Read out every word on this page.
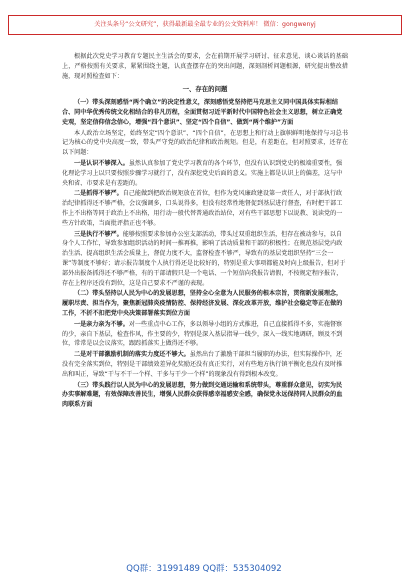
关注头条号“公文研究”，获得最新最全最专业的公文资料库！ 微信：gongwenyj

根据此次党史学习教育专题民主生活会的要求，会在前期开展学习研讨、征求意见、谈心谈话的基础上，严格按照有关要求，紧紧围绕主题，认真查摆存在的突出问题，深刻剖析问题根源，研究提出整改措施，现对照检查如下：

一、存在的问题

（一）带头深刻感悟“两个确立”的决定性意义，深刻感悟党坚持把马克思主义同中国具体实际相结合、同中华优秀传统文化相结合的非凡历程，全面贯彻习近平新时代中国特色社会主义思想，树立正确党史观，坚定信仰信念信心，增强“四个意识”、坚定“四个自信”、做到“两个维护”方面

本人政治立场坚定，始终坚定“四个意识”、“四个自信”，在思想上和行动上旗帜鲜明地保持与习总书记为核心的党中央高度一致，带头严守党的政治纪律和政治规矩。但是，有差距在，但对照要求，还存在以下问题：

一是认识不够深入。虽然认真参加了党史学习教育的各个环节，但没有认识到党史的极端重要性，强化理论学习上以只要按照步骤学习就行了，没有深挖党史后面的意义。实施上都是认识上的偏差，这与中央和省、市要求是有差距的。

二是抓得不够严。自己能做到把政治规矩放在首位，但作为党风廉政建设第一责任人，对于部执行政治纪律抓得还不够严格，会议强调多，口头说得多，但没有经常性地督促到基层进行督查，有时把干部工作上不出格等同于政治上不出格，用行动一般代替普通政治站位，对有些干部思想下以说教、说读党的一些方针政策，当面批评指正也不够。

三是执行不够严。能够按照要求参加办公室支部活动，带头过双重组织生活，但存在被动参与，以自身个人工作忙，导致参加组织活动的时间一推再推，影响了活动质量和干部的积极性；在规范基层党内政治生活、提高组织生活会质量上，督促力度不大，监督检查不够严，导致有的基层党组织坚持“三会一课”等制度不够好；请示报告制度个人执行得还是比较好的，特别是重大事项都能及时向上级报告，但对于部外出报备抓得还不够严格，有的干部请假只是一个电话、一个短信向我报告请假，不按规定程序报告，存在上程序还没有到位，这是自己要求不严谨的表现。

（二）带头坚持以人民为中心的发展思想，坚持全心全意为人民服务的根本宗旨，贯彻新发展理念，履职尽责、担当作为，聚焦新冠肺炎疫情防控、保持经济发展、深化改革开放，维护社会稳定等正在做的工作，不折不扣把党中央决策部署落实到位方面

一是亲力亲为不够。对一些重点中心工作，多以领导小组的方式推进，自己直接抓得不多，实施督察的少，亲自下基层，检查作风，作主要的少，特别是深入基层指导一线少，深入一线实地调研，顾及不到位，常常是以会议落实，跟踪抓落实上做得还不够。

二是对干部激励机制的落实力度还不够大。虽然出台了激励干部担当履职的办法，但实际操作中，还没有完全落实到位，特别是干部绩效差异化奖励还没有真正实行，对有些地方执行镇平衡化也没有及时推出和叫正，导致“干与不干一个样、干多与干少一个样”的现象没有得到根本改变。

（三）带头践行以人民为中心的发展思想，努力做到交通运输和系统带头，尊重群众意见，切实为民办实事解难题，有效保障改善民生，增强人民群众获得感幸福感安全感，确保党永远保持同人民群众的血肉联系方面

QQ群：31991489 QQ群：535304092
